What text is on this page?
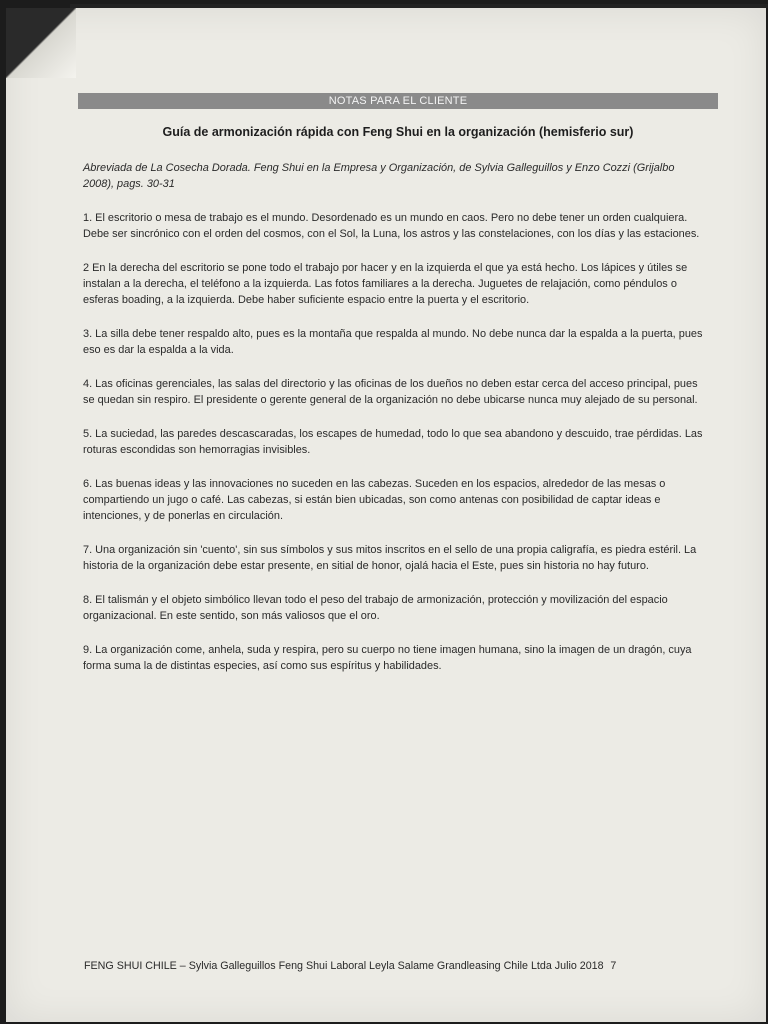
NOTAS PARA EL CLIENTE
Guía de armonización rápida con Feng Shui en la organización (hemisferio sur)

Abreviada de La Cosecha Dorada. Feng Shui en la Empresa y Organización, de Sylvia Galleguillos y Enzo Cozzi (Grijalbo 2008), pags. 30-31

1. El escritorio o mesa de trabajo es el mundo. Desordenado es un mundo en caos. Pero no debe tener un orden cualquiera. Debe ser sincrónico con el orden del cosmos, con el Sol, la Luna, los astros y las constelaciones, con los días y las estaciones.

2 En la derecha del escritorio se pone todo el trabajo por hacer y en la izquierda el que ya está hecho. Los lápices y útiles se instalan a la derecha, el teléfono a la izquierda. Las fotos familiares a la derecha. Juguetes de relajación, como péndulos o esferas boading, a la izquierda. Debe haber suficiente espacio entre la puerta y el escritorio.

3. La silla debe tener respaldo alto, pues es la montaña que respalda al mundo. No debe nunca dar la espalda a la puerta, pues eso es dar la espalda a la vida.

4. Las oficinas gerenciales, las salas del directorio y las oficinas de los dueños no deben estar cerca del acceso principal, pues se quedan sin respiro. El presidente o gerente general de la organización no debe ubicarse nunca muy alejado de su personal.

5. La suciedad, las paredes descascaradas, los escapes de humedad, todo lo que sea abandono y descuido, trae pérdidas. Las roturas escondidas son hemorragias invisibles.

6. Las buenas ideas y las innovaciones no suceden en las cabezas. Suceden en los espacios, alrededor de las mesas o compartiendo un jugo o café. Las cabezas, si están bien ubicadas, son como antenas con posibilidad de captar ideas e intenciones, y de ponerlas en circulación.

7. Una organización sin 'cuento', sin sus símbolos y sus mitos inscritos en el sello de una propia caligrafía, es piedra estéril. La historia de la organización debe estar presente, en sitial de honor, ojalá hacia el Este, pues sin historia no hay futuro.

8. El talismán y el objeto simbólico llevan todo el peso del trabajo de armonización, protección y movilización del espacio organizacional. En este sentido, son más valiosos que el oro.

9. La organización come, anhela, suda y respira, pero su cuerpo no tiene imagen humana, sino la imagen de un dragón, cuya forma suma la de distintas especies, así como sus espíritus y habilidades.

FENG SHUI CHILE – Sylvia Galleguillos Feng Shui Laboral Leyla Salame Grandleasing Chile Ltda Julio 2018 7
